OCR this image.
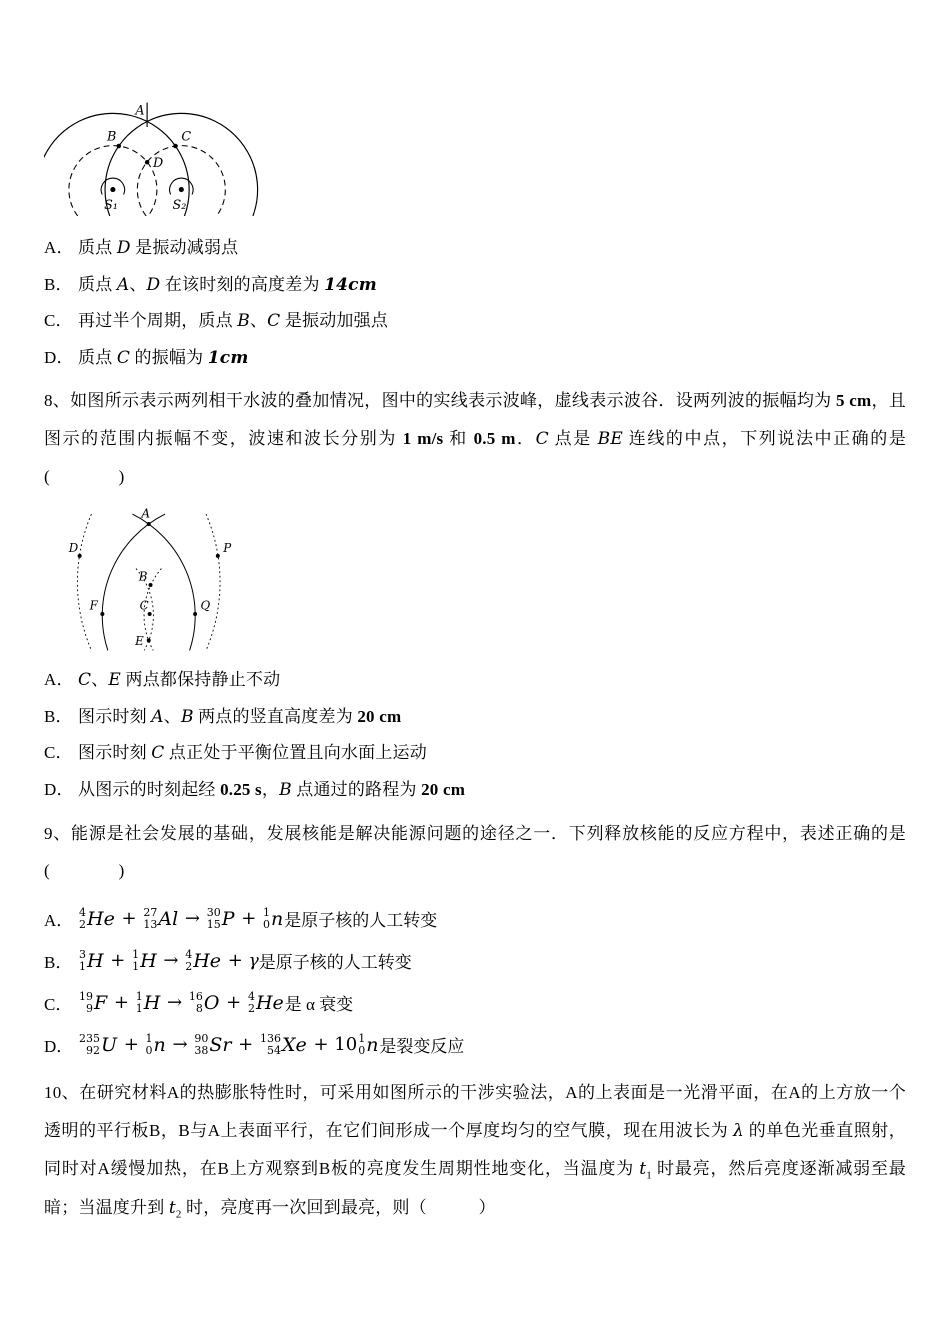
A
B	C
D
S₁	S₂
A． 质点 D 是振动减弱点
B． 质点 A、D 在该时刻的高度差为 14cm
C． 再过半个周期，质点 B、C 是振动加强点
D． 质点 C 的振幅为 1cm
8、如图所示表示两列相干水波的叠加情况，图中的实线表示波峰，虚线表示波谷．设两列波的振幅均为 5 cm，且图示的范围内振幅不变，波速和波长分别为 1 m/s 和 0.5 m．C 点是 BE 连线的中点，下列说法中正确的是(　　　　)
A
D	P
B
F	C	Q
E
A． C、E 两点都保持静止不动
B． 图示时刻 A、B 两点的竖直高度差为 20 cm
C． 图示时刻 C 点正处于平衡位置且向水面上运动
D． 从图示的时刻起经 0.25 s，B 点通过的路程为 20 cm
9、能源是社会发展的基础，发展核能是解决能源问题的途径之一．下列释放核能的反应方程中，表述正确的是(　　　　)
A． 4
2 He + 27
13 Al → 30
15 P + 1
0 n 是原子核的人工转变
B． 3
1 H + 1
1 H → 4
2 He + γ 是原子核的人工转变
C． 19
9 F + 1
1 H → 16
8 O + 4
2 He 是 α 衰变
D． 235
92 U + 1
0 n → 90
38 Sr + 136
54 Xe + 10 1
0 n 是裂变反应
10、在研究材料A的热膨胀特性时，可采用如图所示的干涉实验法，A的上表面是一光滑平面，在A的上方放一个透明的平行板B，B与A上表面平行，在它们间形成一个厚度均匀的空气膜，现在用波长为 λ 的单色光垂直照射，同时对A缓慢加热，在B上方观察到B板的亮度发生周期性地变化，当温度为 $t_1$ 时最亮，然后亮度逐渐减弱至最暗；当温度升到 $t_2$ 时，亮度再一次回到最亮，则（　　　）
